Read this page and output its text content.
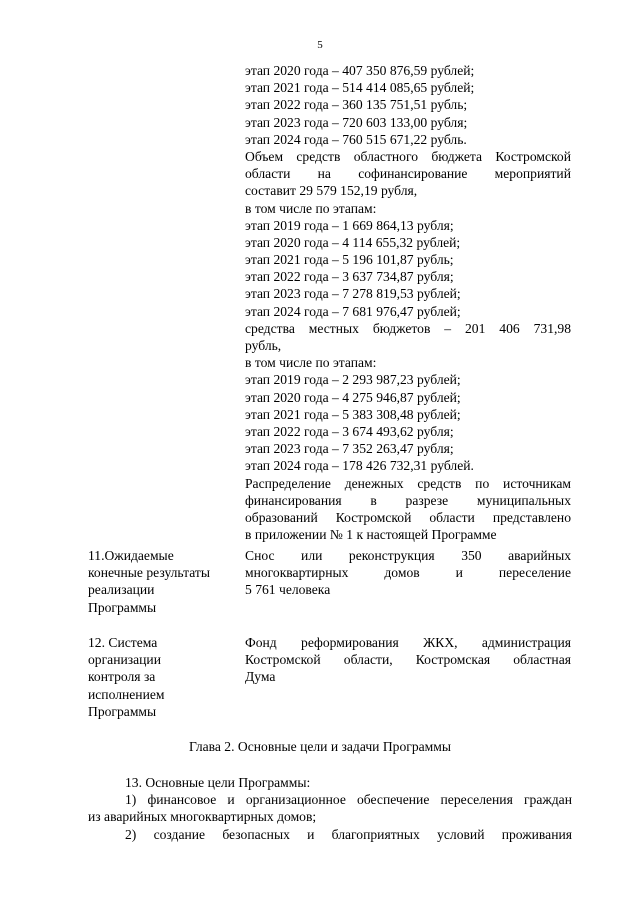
5
этап 2020 года – 407 350 876,59 рублей;
этап 2021 года – 514 414 085,65 рублей;
этап 2022 года – 360 135 751,51 рубль;
этап 2023 года – 720 603 133,00 рубля;
этап 2024 года – 760 515 671,22 рубль.
Объем средств областного бюджета Костромской
области на софинансирование мероприятий
составит 29 579 152,19 рубля,
в том числе по этапам:
этап 2019 года – 1 669 864,13 рубля;
этап 2020 года – 4 114 655,32 рублей;
этап 2021 года – 5 196 101,87 рубль;
этап 2022 года – 3 637 734,87 рубля;
этап 2023 года – 7 278 819,53 рублей;
этап 2024 года – 7 681 976,47 рублей;
средства местных бюджетов – 201 406 731,98
рубль,
в том числе по этапам:
этап 2019 года – 2 293 987,23 рублей;
этап 2020 года – 4 275 946,87 рублей;
этап 2021 года – 5 383 308,48 рублей;
этап 2022 года – 3 674 493,62 рубля;
этап 2023 года – 7 352 263,47 рубля;
этап 2024 года – 178 426 732,31 рублей.
Распределение денежных средств по источникам
финансирования в разрезе муниципальных
образований Костромской области представлено
в приложении № 1 к настоящей Программе
11.Ожидаемые
конечные результаты
реализации
Программы
Снос или реконструкция 350 аварийных
многоквартирных домов и переселение
5 761 человека
12. Система
организации
контроля за
исполнением
Программы
Фонд реформирования ЖКХ, администрация
Костромской области, Костромская областная
Дума
Глава 2. Основные цели и задачи Программы
13. Основные цели Программы:
1) финансовое и организационное обеспечение переселения граждан
из аварийных многоквартирных домов;
2) создание безопасных и благоприятных условий проживания
